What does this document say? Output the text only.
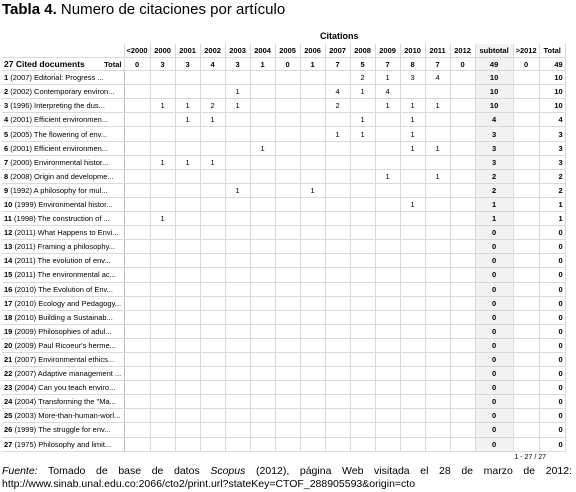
Tabla 4. Numero de citaciones por artículo
Citations
	<2000	2000	2001	2002	2003	2004	2005	2006	2007	2008	2009	2010	2011	2012	subtotal	>2012	Total
27 Cited documents Total	0	3	3	4	3	1	0	1	7	5	7	8	7	0	49	0	49
1 (2007) Editorial: Progress ...										2	1	3	4		10		10
2 (2002) Contemporary environ...					1				4	1	4				10		10
3 (1996) Interpreting the dus...		1	1	2	1				2		1	1	1		10		10
4 (2001) Efficient environmen...			1	1						1		1			4		4
5 (2005) The flowering of env...									1	1		1			3		3
6 (2001) Efficient environmen...						1						1	1		3		3
7 (2000) Environmental histor...		1	1	1											3		3
8 (2008) Origin and developme...											1		1		2		2
9 (1992) A philosophy for mul...					1			1							2		2
10 (1999) Environmental histor...												1			1		1
11 (1998) The construction of ...		1													1		1
12 (2011) What Happens to Envi...															0		0
13 (2011) Framing a philosophy...															0		0
14 (2011) The evolution of env...															0		0
15 (2011) The environmental ac...															0		0
16 (2010) The Evolution of Env...															0		0
17 (2010) Ecology and Pedagogy...															0		0
18 (2010) Building a Sustainab...															0		0
19 (2009) Philosophies of adul...															0		0
20 (2009) Paul Ricoeur's herme...															0		0
21 (2007) Environmental ethics...															0		0
22 (2007) Adaptive management ...															0		0
23 (2004) Can you teach enviro...															0		0
24 (2004) Transforming the "Ma...															0		0
25 (2003) More-than-human-worl...															0		0
26 (1999) The struggle for env...															0		0
27 (1975) Philosophy and limit...															0		0
1 - 27 / 27
Fuente: Tomado de base de datos Scopus (2012), página Web visitada el 28 de marzo de 2012:
http://www.sinab.unal.edu.co:2066/cto2/print.url?stateKey=CTOF_288905593&origin=cto
